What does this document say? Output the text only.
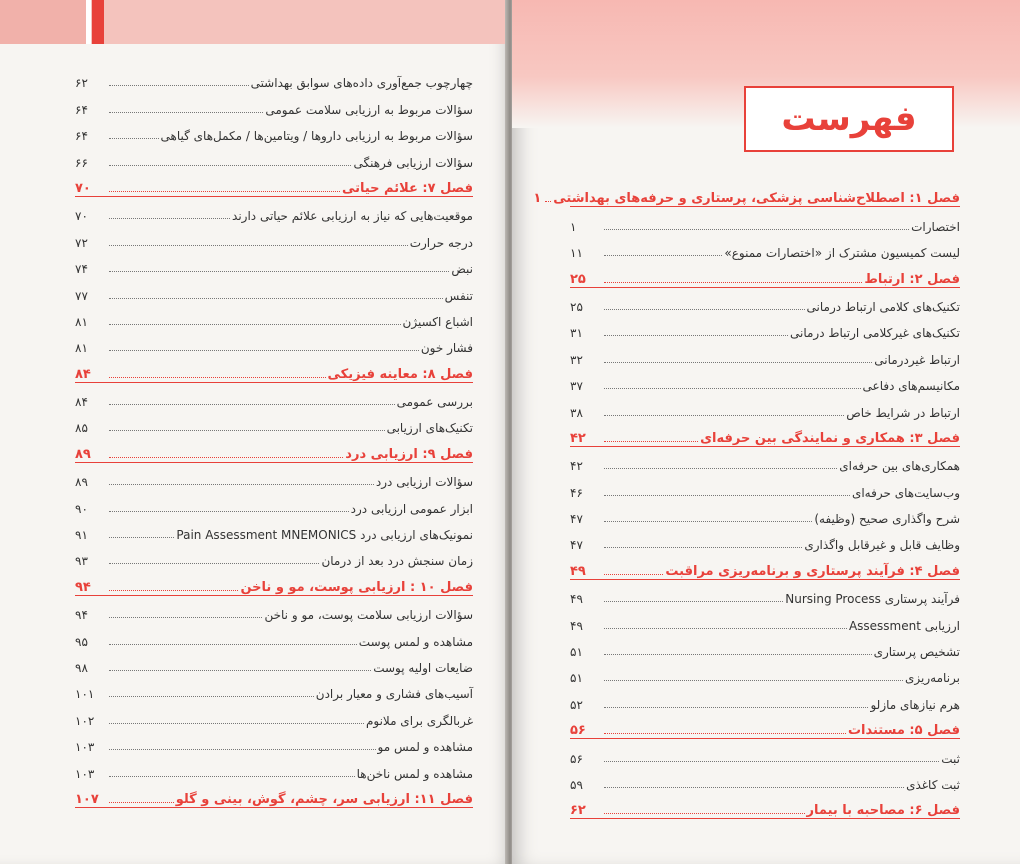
چهارچوب جمع‌آوری داده‌های سوابق بهداشتی
۶۲
سؤالات مربوط به ارزیابی سلامت عمومی
۶۴
سؤالات مربوط به ارزیابی داروها / ویتامین‌ها / مکمل‌های گیاهی
۶۴
سؤالات ارزیابی فرهنگی
۶۶
فصل ۷: علائم حیاتی
۷۰
موقعیت‌هایی که نیاز به ارزیابی علائم حیاتی دارند
۷۰
درجه حرارت
۷۲
نبض
۷۴
تنفس
۷۷
اشباع اکسیژن
۸۱
فشار خون
۸۱
فصل ۸: معاینه فیزیکی
۸۴
بررسی عمومی
۸۴
تکنیک‌های ارزیابی
۸۵
فصل ۹: ارزیابی درد
۸۹
سؤالات ارزیابی درد
۸۹
ابزار عمومی ارزیابی درد
۹۰
نمونیک‌های ارزیابی درد Pain Assessment MNEMONICS
۹۱
زمان سنجش درد بعد از درمان
۹۳
فصل ۱۰ : ارزیابی پوست، مو و ناخن
۹۴
سؤالات ارزیابی سلامت پوست، مو و ناخن
۹۴
مشاهده و لمس پوست
۹۵
ضایعات اولیه پوست
۹۸
آسیب‌های فشاری و معیار برادن
۱۰۱
غربالگری برای ملانوم
۱۰۲
مشاهده و لمس مو
۱۰۳
مشاهده و لمس ناخن‌ها
۱۰۳
فصل ۱۱: ارزیابی سر، چشم، گوش، بینی و گلو
۱۰۷
فهرست
فصل ۱: اصطلاح‌شناسی پزشکی، پرستاری و حرفه‌های بهداشتی
۱
اختصارات
۱
لیست کمیسیون مشترک از «اختصارات ممنوع»
۱۱
فصل ۲: ارتباط
۲۵
تکنیک‌های کلامی ارتباط درمانی
۲۵
تکنیک‌های غیرکلامی ارتباط درمانی
۳۱
ارتباط غیردرمانی
۳۲
مکانیسم‌های دفاعی
۳۷
ارتباط در شرایط خاص
۳۸
فصل ۳: همکاری و نمایندگی بین حرفه‌ای
۴۲
همکاری‌های بین حرفه‌ای
۴۲
وب‌سایت‌های حرفه‌ای
۴۶
شرح واگذاری صحیح (وظیفه)
۴۷
وظایف قابل و غیرقابل واگذاری
۴۷
فصل ۴: فرآیند پرستاری و برنامه‌ریزی مراقبت
۴۹
فرآیند پرستاری Nursing Process
۴۹
ارزیابی Assessment
۴۹
تشخیص پرستاری
۵۱
برنامه‌ریزی
۵۱
هرم نیازهای مازلو
۵۲
فصل ۵: مستندات
۵۶
ثبت
۵۶
ثبت کاغذی
۵۹
فصل ۶: مصاحبه با بیمار
۶۲
